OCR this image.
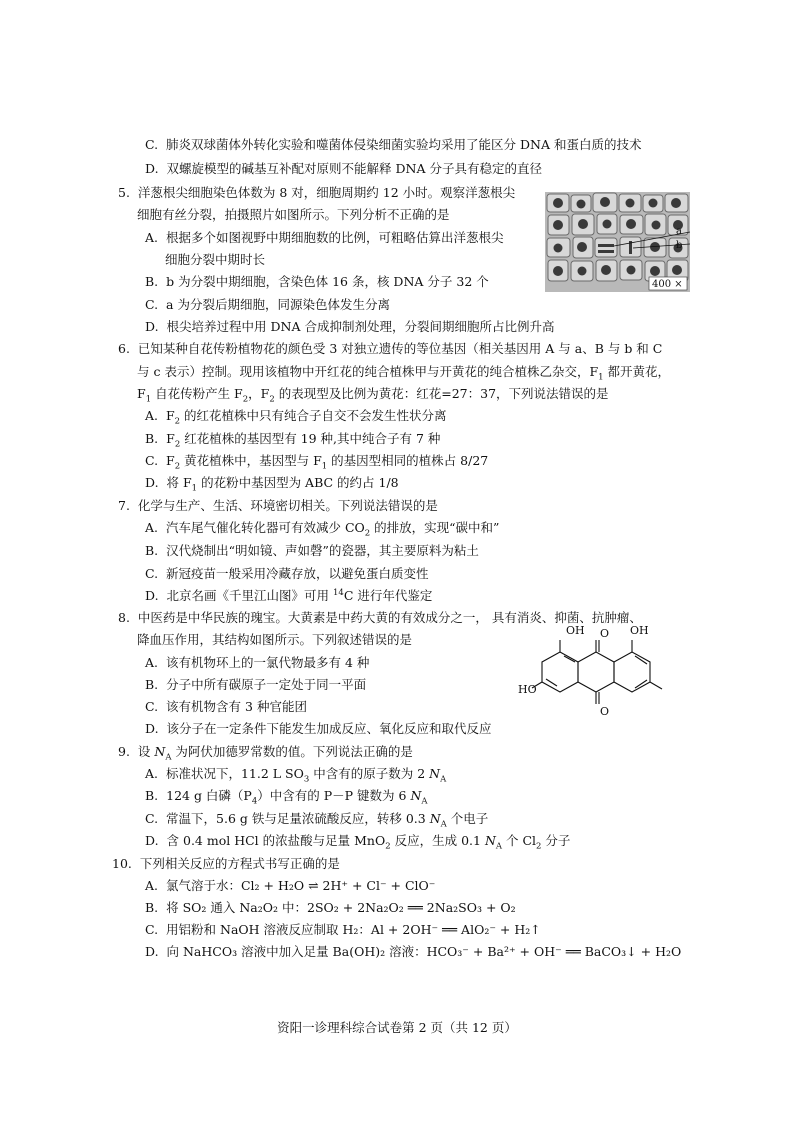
C. 肺炎双球菌体外转化实验和噬菌体侵染细菌实验均采用了能区分 DNA 和蛋白质的技术
D. 双螺旋模型的碱基互补配对原则不能解释 DNA 分子具有稳定的直径
5. 洋葱根尖细胞染色体数为 8 对，细胞周期约 12 小时。观察洋葱根尖
细胞有丝分裂，拍摄照片如图所示。下列分析不正确的是
A. 根据多个如图视野中期细胞数的比例，可粗略估算出洋葱根尖
细胞分裂中期时长
B. b 为分裂中期细胞，含染色体 16 条，核 DNA 分子 32 个
C. a 为分裂后期细胞，同源染色体发生分离
D. 根尖培养过程中用 DNA 合成抑制剂处理，分裂间期细胞所占比例升高
a
b
400 ×
6. 已知某种自花传粉植物花的颜色受 3 对独立遗传的等位基因（相关基因用 A 与 a、B 与 b 和 C
与 c 表示）控制。现用该植物中开红花的纯合植株甲与开黄花的纯合植株乙杂交，$F_1$ 都开黄花，
$F_1$ 自花传粉产生 $F_2$，$F_2$ 的表现型及比例为黄花：红花=27：37，下列说法错误的是
A. $F_2$ 的红花植株中只有纯合子自交不会发生性状分离
B. $F_2$ 红花植株的基因型有 19 种,其中纯合子有 7 种
C. $F_2$ 黄花植株中，基因型与 $F_1$ 的基因型相同的植株占 8/27
D. 将 $F_1$ 的花粉中基因型为 ABC 的约占 1/8
7. 化学与生产、生活、环境密切相关。下列说法错误的是
A. 汽车尾气催化转化器可有效减少 $CO_2$ 的排放，实现“碳中和”
B. 汉代烧制出“明如镜、声如磬”的瓷器，其主要原料为粘土
C. 新冠疫苗一般采用冷藏存放，以避免蛋白质变性
D. 北京名画《千里江山图》可用 $^{14}$C 进行年代鉴定
8. 中医药是中华民族的瑰宝。大黄素是中药大黄的有效成分之一， 具有消炎、抑菌、抗肿瘤、
降血压作用，其结构如图所示。下列叙述错误的是
A. 该有机物环上的一氯代物最多有 4 种
B. 分子中所有碳原子一定处于同一平面
C. 该有机物含有 3 种官能团
D. 该分子在一定条件下能发生加成反应、氧化反应和取代反应
OH O OH
HO
O
9. 设 $N_A$ 为阿伏加德罗常数的值。下列说法正确的是
A. 标准状况下，11.2 L $SO_3$ 中含有的原子数为 2 $N_A$
B. 124 g 白磷$(P_4)$中含有的 P－P 键数为 6 $N_A$
C. 常温下，5.6 g 铁与足量浓硫酸反应，转移 0.3 $N_A$ 个电子
D. 含 0.4 mol HCl 的浓盐酸与足量 MnO$_2$ 反应，生成 0.1 $N_A$ 个 $Cl_2$ 分子
10. 下列相关反应的方程式书写正确的是
A. 氯气溶于水：Cl₂ + H₂O ⇌ 2H⁺ + Cl⁻ + ClO⁻
B. 将 SO₂ 通入 Na₂O₂ 中：2SO₂ + 2Na₂O₂ ══ 2Na₂SO₃ + O₂
C. 用铝粉和 NaOH 溶液反应制取 H₂：Al + 2OH⁻ ══ AlO₂⁻ + H₂↑
D. 向 NaHCO₃ 溶液中加入足量 Ba(OH)₂ 溶液：HCO₃⁻ + Ba²⁺ + OH⁻ ══ BaCO₃↓ + H₂O
资阳一诊理科综合试卷第 2 页（共 12 页）
